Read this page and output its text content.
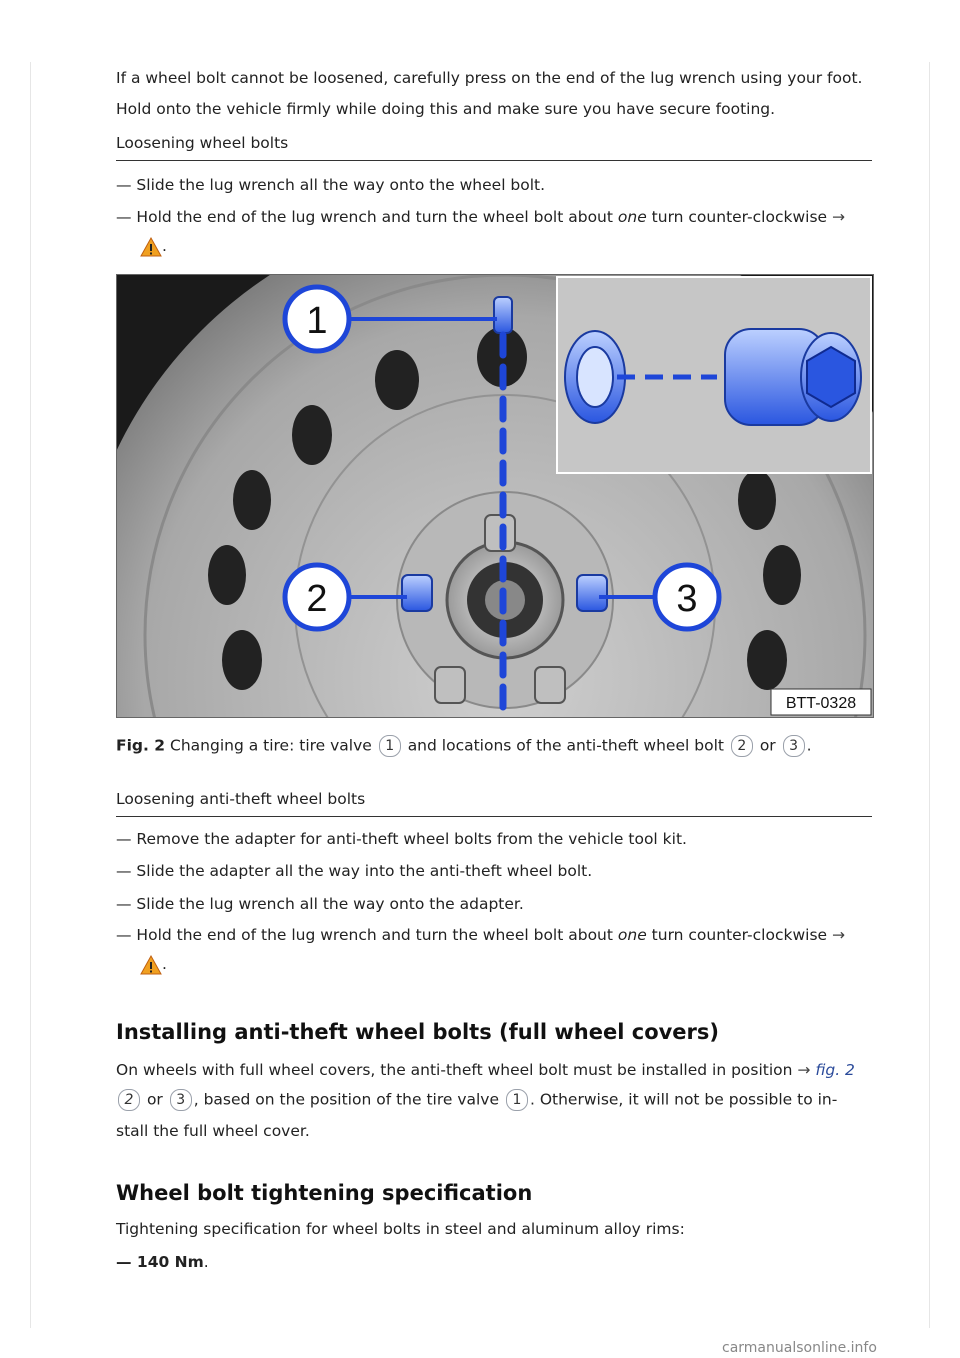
If a wheel bolt cannot be loosened, carefully press on the end of the lug wrench using your foot.
Hold onto the vehicle firmly while doing this and make sure you have secure footing.
Loosening wheel bolts
— Slide the lug wrench all the way onto the wheel bolt.
— Hold the end of the lug wrench and turn the wheel bolt about one turn counter-clockwise →
.
1
2	3
BTT-0328
Fig. 2 Changing a tire: tire valve 1 and locations of the anti-theft wheel bolt 2 or 3 .
Loosening anti-theft wheel bolts
— Remove the adapter for anti-theft wheel bolts from the vehicle tool kit.
— Slide the adapter all the way into the anti-theft wheel bolt.
— Slide the lug wrench all the way onto the adapter.
— Hold the end of the lug wrench and turn the wheel bolt about one turn counter-clockwise →
.
Installing anti-theft wheel bolts (full wheel covers)
On wheels with full wheel covers, the anti-theft wheel bolt must be installed in position → fig. 2
2 or 3 , based on the position of the tire valve 1 . Otherwise, it will not be possible to in-
stall the full wheel cover.
Wheel bolt tightening specification
Tightening specification for wheel bolts in steel and aluminum alloy rims:
— 140 Nm.
carmanualsonline.info
